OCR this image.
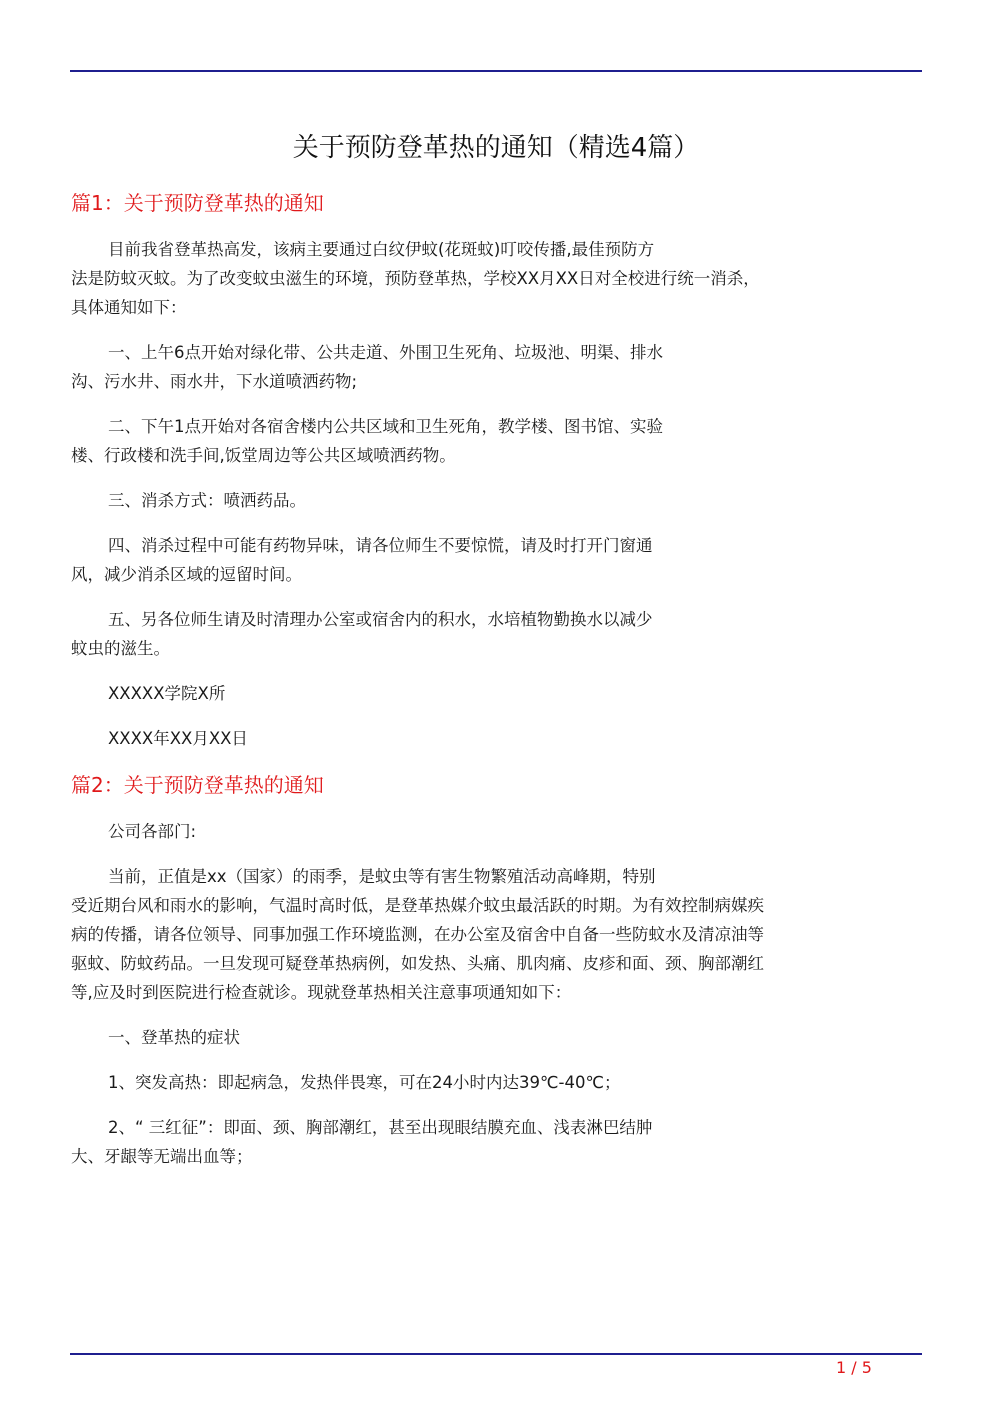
关于预防登革热的通知（精选4篇）
篇1：关于预防登革热的通知
目前我省登革热高发，该病主要通过白纹伊蚊(花斑蚊)叮咬传播,最佳预防方
法是防蚊灭蚊。为了改变蚊虫滋生的环境，预防登革热，学校XX月XX日对全校进行统一消杀，
具体通知如下：
一、上午6点开始对绿化带、公共走道、外围卫生死角、垃圾池、明渠、排水
沟、污水井、雨水井，下水道喷洒药物;
二、下午1点开始对各宿舍楼内公共区域和卫生死角，教学楼、图书馆、实验
楼、行政楼和洗手间,饭堂周边等公共区域喷洒药物。
三、消杀方式：喷洒药品。
四、消杀过程中可能有药物异味，请各位师生不要惊慌，请及时打开门窗通
风，减少消杀区域的逗留时间。
五、另各位师生请及时清理办公室或宿舍内的积水，水培植物勤换水以减少
蚊虫的滋生。
XXXXX学院X所
XXXX年XX月XX日
篇2：关于预防登革热的通知
公司各部门:
当前，正值是xx（国家）的雨季，是蚊虫等有害生物繁殖活动高峰期，特别
受近期台风和雨水的影响，气温时高时低，是登革热媒介蚊虫最活跃的时期。为有效控制病媒疾
病的传播，请各位领导、同事加强工作环境监测，在办公室及宿舍中自备一些防蚊水及清凉油等
驱蚊、防蚊药品。一旦发现可疑登革热病例，如发热、头痛、肌肉痛、皮疹和面、颈、胸部潮红
等,应及时到医院进行检查就诊。现就登革热相关注意事项通知如下：
一、登革热的症状
1、突发高热：即起病急，发热伴畏寒，可在24小时内达39℃-40℃；
2、“ 三红征”：即面、颈、胸部潮红，甚至出现眼结膜充血、浅表淋巴结肿
大、牙龈等无端出血等；
1 / 5
